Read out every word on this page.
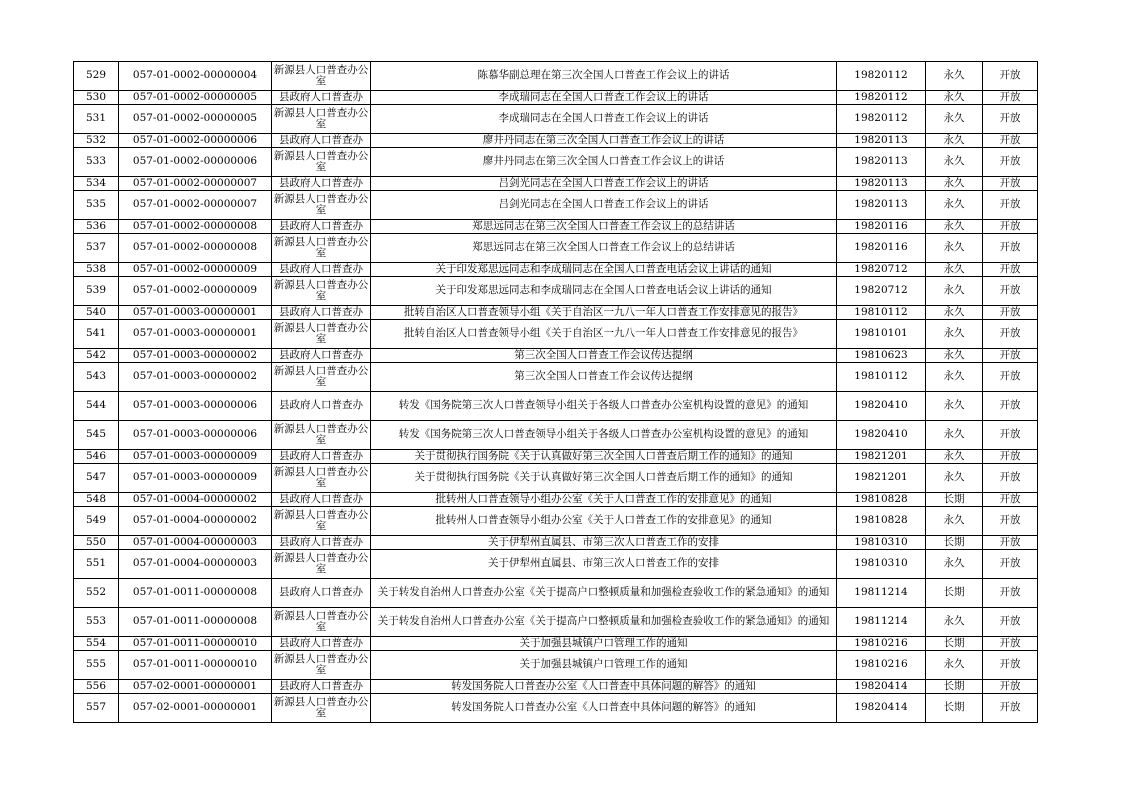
529	057-01-0002-00000004	新源县人口普查办公室	陈慕华副总理在第三次全国人口普查工作会议上的讲话	19820112	永久	开放
530	057-01-0002-00000005	县政府人口普查办	李成瑞同志在全国人口普查工作会议上的讲话	19820112	永久	开放
531	057-01-0002-00000005	新源县人口普查办公室	李成瑞同志在全国人口普查工作会议上的讲话	19820112	永久	开放
532	057-01-0002-00000006	县政府人口普查办	廖井丹同志在第三次全国人口普查工作会议上的讲话	19820113	永久	开放
533	057-01-0002-00000006	新源县人口普查办公室	廖井丹同志在第三次全国人口普查工作会议上的讲话	19820113	永久	开放
534	057-01-0002-00000007	县政府人口普查办	吕剑光同志在全国人口普查工作会议上的讲话	19820113	永久	开放
535	057-01-0002-00000007	新源县人口普查办公室	吕剑光同志在全国人口普查工作会议上的讲话	19820113	永久	开放
536	057-01-0002-00000008	县政府人口普查办	郑思远同志在第三次全国人口普查工作会议上的总结讲话	19820116	永久	开放
537	057-01-0002-00000008	新源县人口普查办公室	郑思远同志在第三次全国人口普查工作会议上的总结讲话	19820116	永久	开放
538	057-01-0002-00000009	县政府人口普查办	关于印发郑思远同志和李成瑞同志在全国人口普查电话会议上讲话的通知	19820712	永久	开放
539	057-01-0002-00000009	新源县人口普查办公室	关于印发郑思远同志和李成瑞同志在全国人口普查电话会议上讲话的通知	19820712	永久	开放
540	057-01-0003-00000001	县政府人口普查办	批转自治区人口普查领导小组《关于自治区一九八一年人口普查工作安排意见的报告》	19810112	永久	开放
541	057-01-0003-00000001	新源县人口普查办公室	批转自治区人口普查领导小组《关于自治区一九八一年人口普查工作安排意见的报告》	19810101	永久	开放
542	057-01-0003-00000002	县政府人口普查办	第三次全国人口普查工作会议传达提纲	19810623	永久	开放
543	057-01-0003-00000002	新源县人口普查办公室	第三次全国人口普查工作会议传达提纲	19810112	永久	开放
544	057-01-0003-00000006	县政府人口普查办	转发《国务院第三次人口普查领导小组关于各级人口普查办公室机构设置的意见》的通知	19820410	永久	开放
545	057-01-0003-00000006	新源县人口普查办公室	转发《国务院第三次人口普查领导小组关于各级人口普查办公室机构设置的意见》的通知	19820410	永久	开放
546	057-01-0003-00000009	县政府人口普查办	关于贯彻执行国务院《关于认真做好第三次全国人口普查后期工作的通知》的通知	19821201	永久	开放
547	057-01-0003-00000009	新源县人口普查办公室	关于贯彻执行国务院《关于认真做好第三次全国人口普查后期工作的通知》的通知	19821201	永久	开放
548	057-01-0004-00000002	县政府人口普查办	批转州人口普查领导小组办公室《关于人口普查工作的安排意见》的通知	19810828	长期	开放
549	057-01-0004-00000002	新源县人口普查办公室	批转州人口普查领导小组办公室《关于人口普查工作的安排意见》的通知	19810828	永久	开放
550	057-01-0004-00000003	县政府人口普查办	关于伊犁州直属县、市第三次人口普查工作的安排	19810310	长期	开放
551	057-01-0004-00000003	新源县人口普查办公室	关于伊犁州直属县、市第三次人口普查工作的安排	19810310	永久	开放
552	057-01-0011-00000008	县政府人口普查办	关于转发自治州人口普查办公室《关于提高户口整顿质量和加强检查验收工作的紧急通知》的通知	19811214	长期	开放
553	057-01-0011-00000008	新源县人口普查办公室	关于转发自治州人口普查办公室《关于提高户口整顿质量和加强检查验收工作的紧急通知》的通知	19811214	永久	开放
554	057-01-0011-00000010	县政府人口普查办	关于加强县城镇户口管理工作的通知	19810216	长期	开放
555	057-01-0011-00000010	新源县人口普查办公室	关于加强县城镇户口管理工作的通知	19810216	永久	开放
556	057-02-0001-00000001	县政府人口普查办	转发国务院人口普查办公室《人口普查中具体问题的解答》的通知	19820414	长期	开放
557	057-02-0001-00000001	新源县人口普查办公室	转发国务院人口普查办公室《人口普查中具体问题的解答》的通知	19820414	长期	开放
